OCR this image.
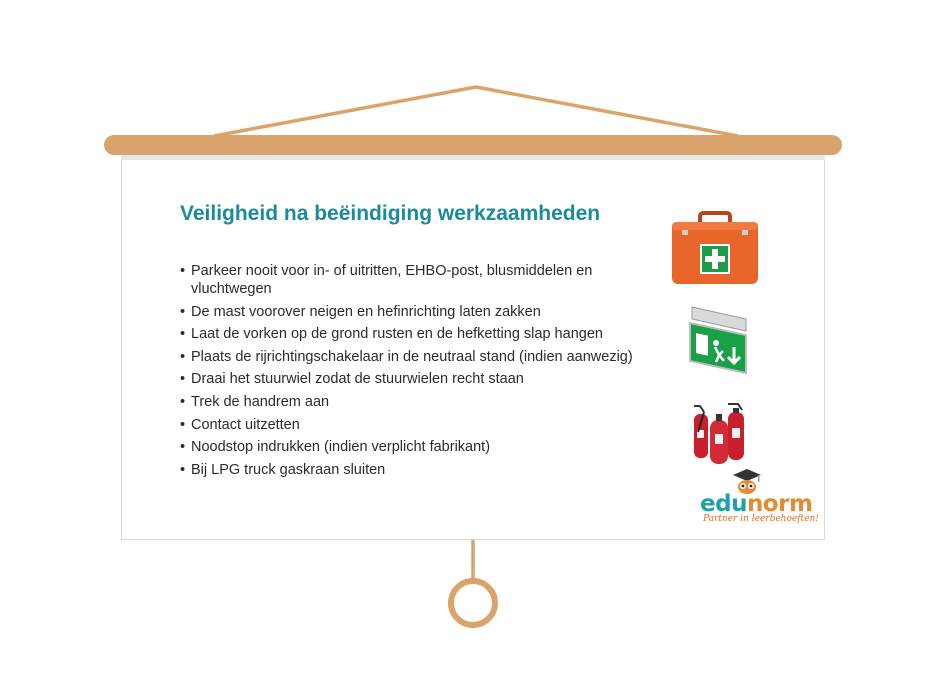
Veiligheid na beëindiging werkzaamheden
• Parkeer nooit voor in- of uitritten, EHBO-post, blusmiddelen en vluchtwegen
• De mast voorover neigen en hefinrichting laten zakken
• Laat de vorken op de grond rusten en de hefketting slap hangen
• Plaats de rijrichtingschakelaar in de neutraal stand (indien aanwezig)
• Draai het stuurwiel zodat de stuurwielen recht staan
• Trek de handrem aan
• Contact uitzetten
• Noodstop indrukken (indien verplicht fabrikant)
• Bij LPG truck gaskraan sluiten
edunorm
Partner in leerbehoeften!
